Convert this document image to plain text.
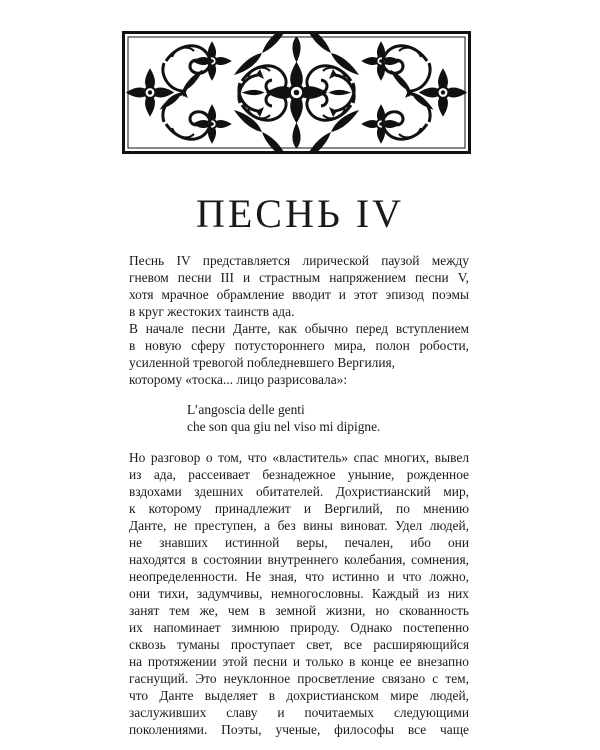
ПЕСНЬ IV

Песнь IV представляется лирической паузой между

гневом песни III и страстным напряжением песни V,

хотя мрачное обрамление вводит и этот эпизод поэмы

в круг жестоких таинств ада.

В начале песни Данте, как обычно перед вступлением

в новую сферу потустороннего мира, полон робости,

усиленной тревогой побледневшего Вергилия,

которому «тоска... лицо разрисовала»:

L’angoscia delle genti

che son qua giu nel viso mi dipigne.

Но разговор о том, что «властитель» спас многих, вывел

из ада, рассеивает безнадежное уныние, рожденное

вздохами здешних обитателей. Дохристианский мир,

к которому принадлежит и Вергилий, по мнению

Данте, не преступен, а без вины виноват. Удел людей,

не знавших истинной веры, печален, ибо они

находятся в состоянии внутреннего колебания, сомнения,

неопределенности. Не зная, что истинно и что ложно,

они тихи, задумчивы, немногословны. Каждый из них

занят тем же, чем в земной жизни, но скованность

их напоминает зимнюю природу. Однако постепенно

сквозь туманы проступает свет, все расширяющийся

на протяжении этой песни и только в конце ее внезапно

гаснущий. Это неуклонное просветление связано с тем,

что Данте выделяет в дохристианском мире людей,

заслуживших славу и почитаемых следующими

поколениями. Поэты, ученые, философы все чаще
